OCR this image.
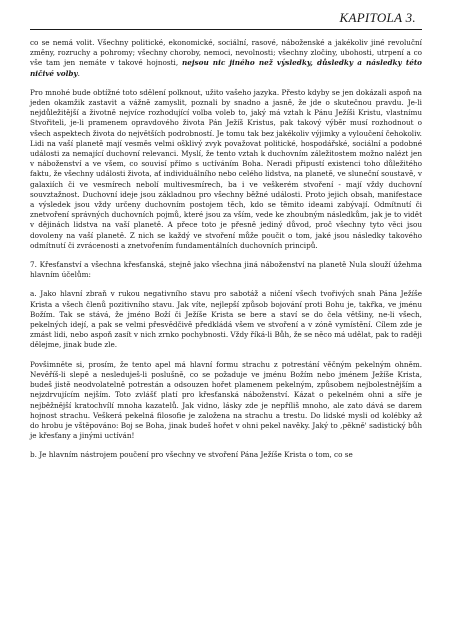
KAPITOLA 3.

co se nemá volit. Všechny politické, ekonomické, sociální, rasové, náboženské a jakékoliv jiné revoluční změny, rozruchy a pohromy; všechny choroby, nemoci, nevolnosti; všechny zločiny, ubohosti, utrpení a co vše tam jen nemáte v takové hojnosti, nejsou nic jiného než výsledky, důsledky a následky této ničivé volby.

Pro mnohé bude obtížné toto sdělení polknout, užito vašeho jazyka. Přesto kdyby se jen dokázali aspoň na jeden okamžik zastavit a vážně zamyslit, poznali by snadno a jasně, že jde o skutečnou pravdu. Je-li nejdůležitější a životně nejvíce rozhodující volba voleb to, jaký má vztah k Pánu Ježíši Kristu, vlastnímu Stvořiteli, je-li pramenem opravdového života Pán Ježíš Kristus, pak takový výběr musí rozhodnout o všech aspektech života do největších podrobností. Je tomu tak bez jakékoliv výjimky a vyloučení čehokoliv. Lidi na vaší planetě mají vesměs velmi ošklivý zvyk považovat politické, hospodářské, sociální a podobné události za nemající duchovní relevanci. Myslí, že tento vztah k duchovním záležitostem možno nalézt jen v náboženství a ve všem, co souvisí přímo s uctíváním Boha. Neradi připustí existenci toho důležitého faktu, že všechny události života, ať individuálního nebo celého lidstva, na planetě, ve sluneční soustavě, v galaxiích či ve vesmírech nebolí multivesmírech, ba i ve veškerém stvoření - mají vždy duchovní souvztažnost. Duchovní ideje jsou základnou pro všechny běžné události. Proto jejich obsah, manifestace a výsledek jsou vždy určeny duchovním postojem těch, kdo se těmito ideami zabývají. Odmítnutí či znetvoření správných duchovních pojmů, které jsou za vším, vede ke zhoubným následkům, jak je to vidět v dějinách lidstva na vaší planetě. A přece toto je přesně jediný důvod, proč všechny tyto věci jsou dovoleny na vaší planetě. Z nich se každý ve stvoření může poučit o tom, jaké jsou následky takového odmítnutí či zvrácenosti a znetvořením fundamentálních duchovních principů.

7. Křesťanství a všechna křesťanská, stejně jako všechna jiná náboženství na planetě Nula slouží úžehma hlavním účelům:

a. Jako hlavní zbraň v rukou negativního stavu pro sabotáž a ničení všech tvořivých snah Pána Ježíše Krista a všech členů pozitivního stavu. Jak víte, nejlepší způsob bojování proti Bohu je, takřka, ve jménu Božím. Tak se stává, že jméno Boží či Ježíše Krista se bere a staví se do čela většiny, ne-li všech, pekelných idejí, a pak se velmi přesvědčivě předkládá všem ve stvoření a v zóně vymístění. Cílem zde je zmást lidi, nebo aspoň zasít v nich zrnko pochybnosti. Vždy říká-li Bůh, že se něco má udělat, pak to raději dělejme, jinak bude zle.

Povšimněte si, prosím, že tento apel má hlavní formu strachu z potrestání věčným pekelným ohněm. Nevěříš-li slepě a nesleduješ-li poslušně, co se požaduje ve jménu Božím nebo jménem Ježíše Krista, budeš jistě neodvolatelně potrestán a odsouzen hořet plamenem pekelným, způsobem nejbolestnějším a nejzdrvujícím nejším. Toto zvlášť platí pro křesťanská náboženství. Kázat o pekelném ohni a síře je nejběžnější kratochvílí mnoha kazatelů. Jak vidno, lásky zde je nepříliš mnoho, ale zato dává se darem hojnost strachu. Veškerá pekelná filosofie je založena na strachu a trestu. Do lidské mysli od kolébky až do hrobu je vštěpováno: Boj se Boha, jinak budeš hořet v ohni pekel navěky. Jaký to ,pěkně' sadistický bůh je křesťany a jinými uctíván!

b. Je hlavním nástrojem poučení pro všechny ve stvoření Pána Ježíše Krista o tom, co se
